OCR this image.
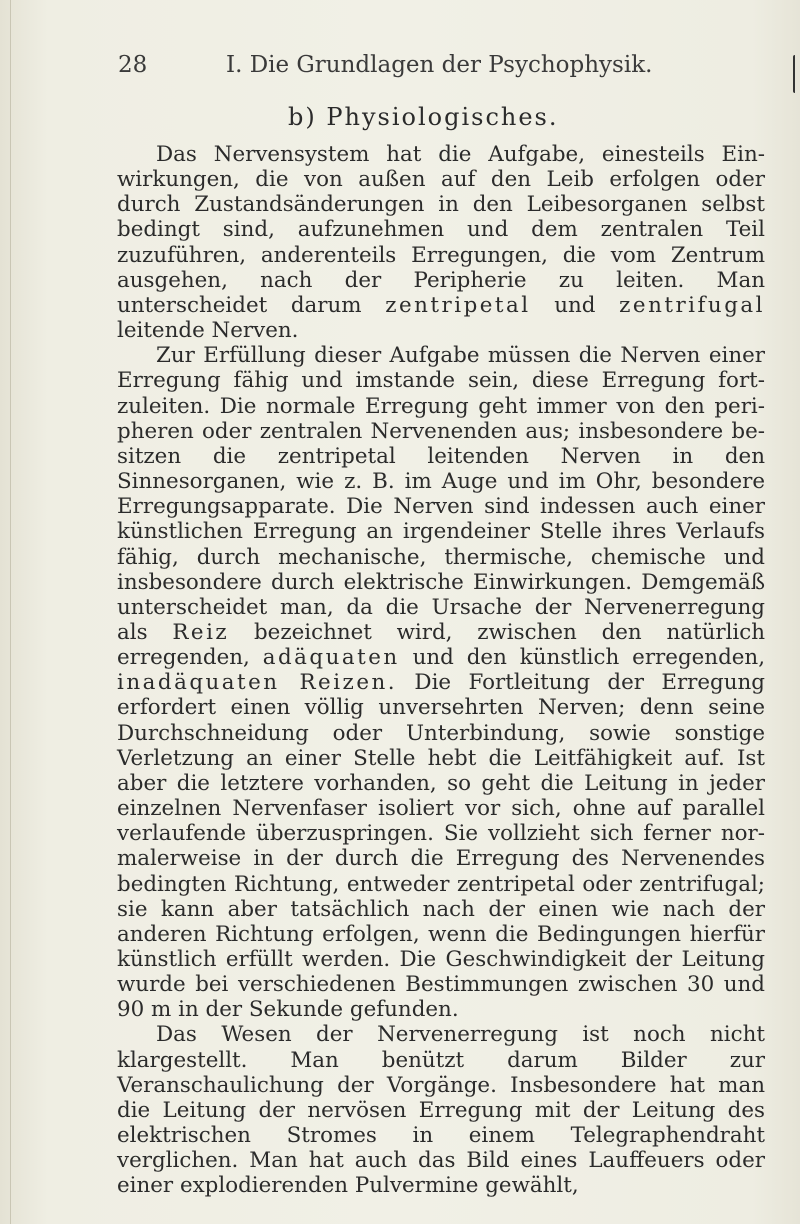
28	I. Die Grundlagen der Psychophysik.
b) Physiologisches.

Das Nervensystem hat die Aufgabe, einesteils Einwirkungen, die von außen auf den Leib erfolgen oder durch Zustandsänderungen in den Leibesorganen selbst bedingt sind, aufzunehmen und dem zentralen Teil zuzuführen, anderenteils Erregungen, die vom Zentrum ausgehen, nach der Peripherie zu leiten. Man unterscheidet darum zentripetal und zentrifugal leitende Nerven.

Zur Erfüllung dieser Aufgabe müssen die Nerven einer Erregung fähig und imstande sein, diese Erregung fortzuleiten. Die normale Erregung geht immer von den peripheren oder zentralen Nervenenden aus; insbesondere besitzen die zentripetal leitenden Nerven in den Sinnesorganen, wie z. B. im Auge und im Ohr, besondere Erregungsapparate. Die Nerven sind indessen auch einer künstlichen Erregung an irgendeiner Stelle ihres Verlaufs fähig, durch mechanische, thermische, chemische und insbesondere durch elektrische Einwirkungen. Demgemäß unterscheidet man, da die Ursache der Nervenerregung als Reiz bezeichnet wird, zwischen den natürlich erregenden, adäquaten und den künstlich erregenden, inadäquaten Reizen. Die Fortleitung der Erregung erfordert einen völlig unversehrten Nerven; denn seine Durchschneidung oder Unterbindung, sowie sonstige Verletzung an einer Stelle hebt die Leitfähigkeit auf. Ist aber die letztere vorhanden, so geht die Leitung in jeder einzelnen Nervenfaser isoliert vor sich, ohne auf parallel verlaufende überzuspringen. Sie vollzieht sich ferner normalerweise in der durch die Erregung des Nervenendes bedingten Richtung, entweder zentripetal oder zentrifugal; sie kann aber tatsächlich nach der einen wie nach der anderen Richtung erfolgen, wenn die Bedingungen hierfür künstlich erfüllt werden. Die Geschwindigkeit der Leitung wurde bei verschiedenen Bestimmungen zwischen 30 und 90 m in der Sekunde gefunden.

Das Wesen der Nervenerregung ist noch nicht klargestellt. Man benützt darum Bilder zur Veranschaulichung der Vorgänge. Insbesondere hat man die Leitung der nervösen Erregung mit der Leitung des elektrischen Stromes in einem Telegraphendraht verglichen. Man hat auch das Bild eines Lauffeuers oder einer explodierenden Pulvermine gewählt,
